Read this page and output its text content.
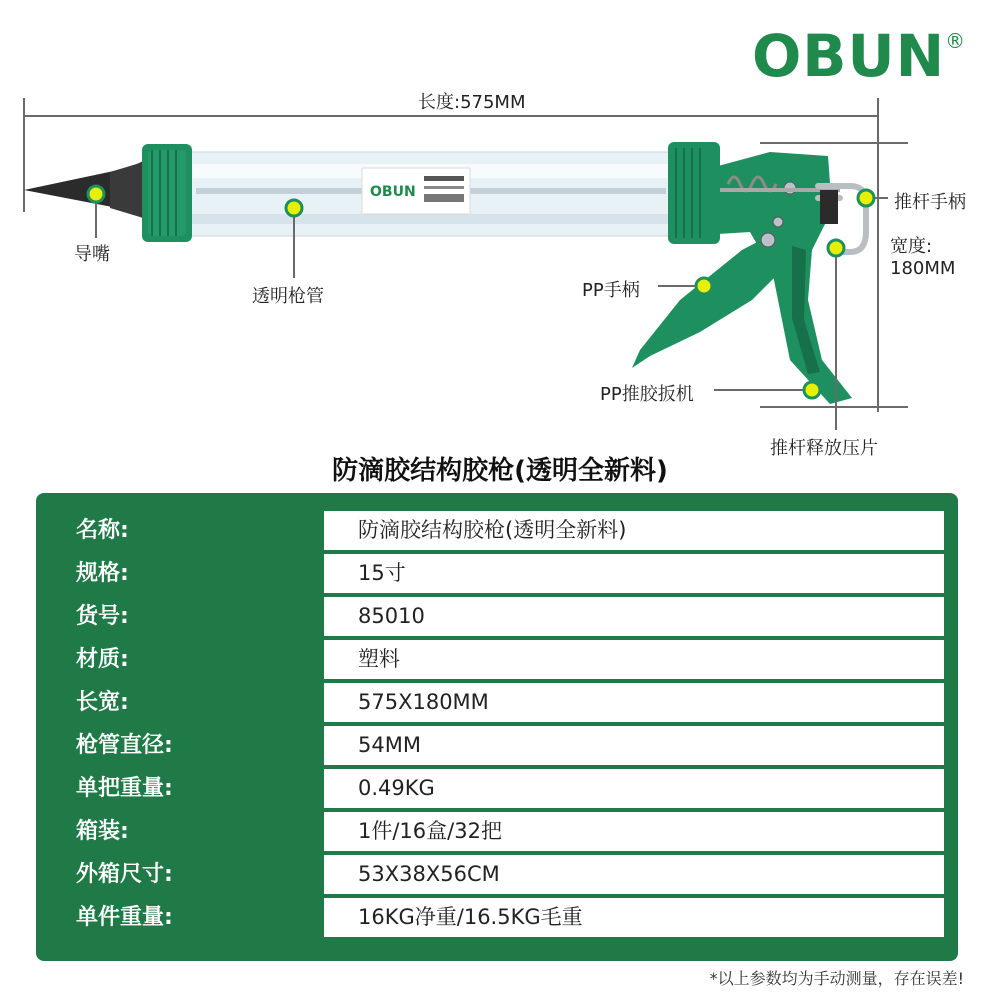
OBUN®
OBUN
长度:575MM
宽度:
180MM
导嘴
透明枪管	PP手柄
推杆手柄
PP推胶扳机
推杆释放压片
防滴胶结构胶枪(透明全新料)
名称:	防滴胶结构胶枪(透明全新料)
规格:	15寸
货号:	85010
材质:	塑料
长宽:	575X180MM
枪管直径:	54MM
单把重量:	0.49KG
箱装:	1件/16盒/32把
外箱尺寸:	53X38X56CM
单件重量:	16KG净重/16.5KG毛重
*以上参数均为手动测量，存在误差!
